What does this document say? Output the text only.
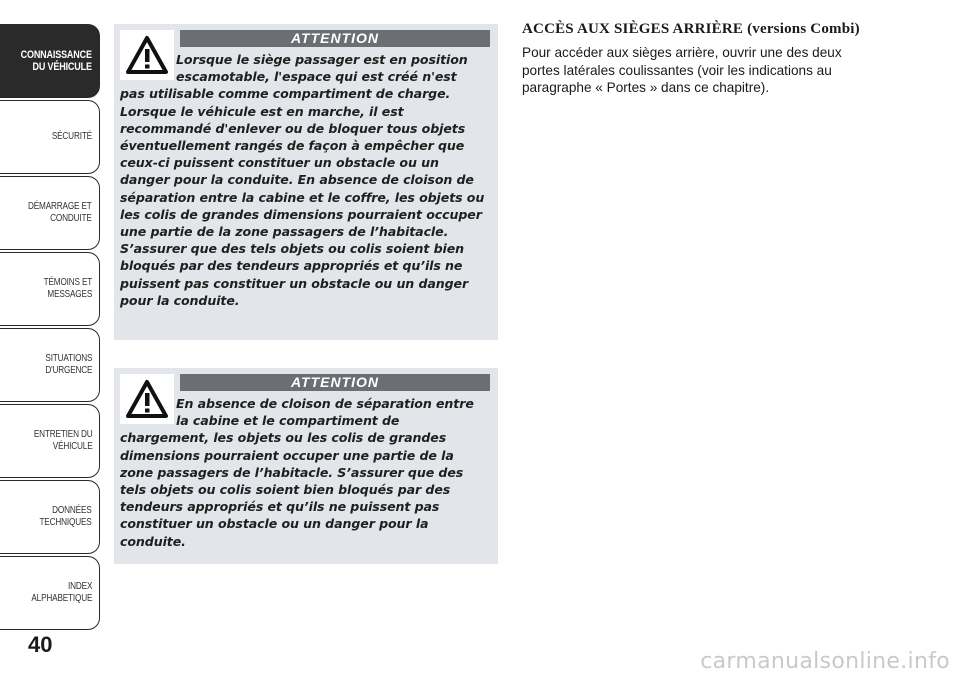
CONNAISSANCE
DU VÉHICULE
SÉCURITÉ
DÉMARRAGE ET
CONDUITE
TÉMOINS ET
MESSAGES
SITUATIONS
D'URGENCE
ENTRETIEN DU
VÉHICULE
DONNÉES
TECHNIQUES
INDEX
ALPHABETIQUE
40
ATTENTION
Lorsque le siège passager est en position escamotable, l'espace qui est créé n'est
pas utilisable comme compartiment de charge. Lorsque le véhicule est en marche, il est recommandé d'enlever ou de bloquer tous objets éventuellement rangés de façon à empêcher que ceux-ci puissent constituer un obstacle ou un danger pour la conduite. En absence de cloison de séparation entre la cabine et le coffre, les objets ou les colis de grandes dimensions pourraient occuper une partie de la zone passagers de l’habitacle. S’assurer que des tels objets ou colis soient bien bloqués par des tendeurs appropriés et qu’ils ne puissent pas constituer un obstacle ou un danger pour la conduite.
ATTENTION
En absence de cloison de séparation entre la cabine et le compartiment de
chargement, les objets ou les colis de grandes dimensions pourraient occuper une partie de la zone passagers de l’habitacle. S’assurer que des tels objets ou colis soient bien bloqués par des tendeurs appropriés et qu’ils ne puissent pas constituer un obstacle ou un danger pour la conduite.
ACCÈS AUX SIÈGES ARRIÈRE (versions Combi)

Pour accéder aux sièges arrière, ouvrir une des deux portes latérales coulissantes (voir les indications au paragraphe « Portes » dans ce chapitre).

carmanualsonline.info
